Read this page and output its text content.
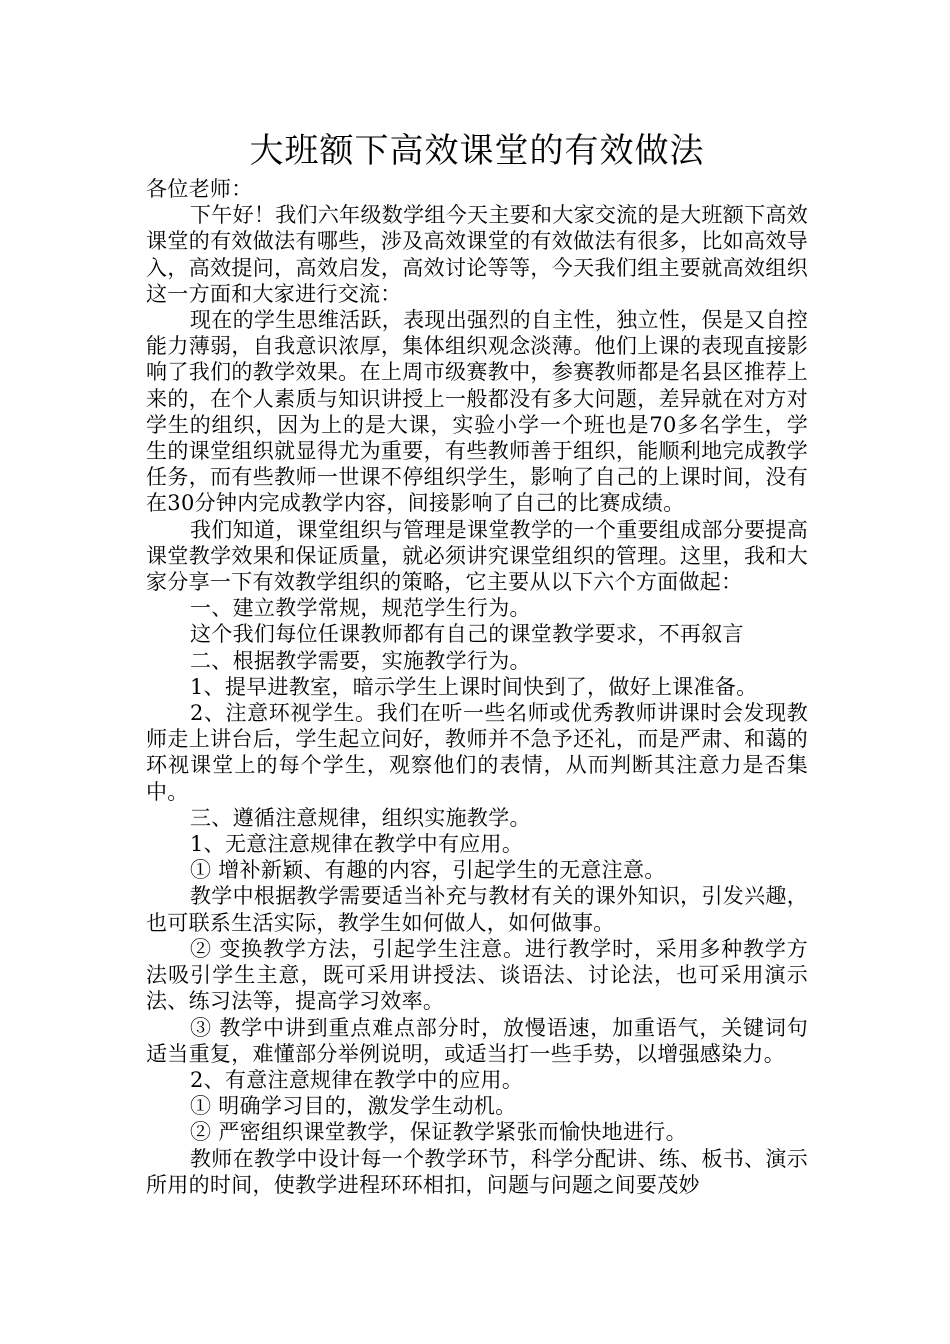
大班额下高效课堂的有效做法

各位老师：

下午好！我们六年级数学组今天主要和大家交流的是大班额下高效课堂的有效做法有哪些，涉及高效课堂的有效做法有很多，比如高效导入，高效提问，高效启发，高效讨论等等，今天我们组主要就高效组织这一方面和大家进行交流：

现在的学生思维活跃，表现出强烈的自主性，独立性，俣是又自控能力薄弱，自我意识浓厚，集体组织观念淡薄。他们上课的表现直接影响了我们的教学效果。在上周市级赛教中，参赛教师都是名县区推荐上来的，在个人素质与知识讲授上一般都没有多大问题，差异就在对方对学生的组织，因为上的是大课，实验小学一个班也是70多名学生，学生的课堂组织就显得尤为重要，有些教师善于组织，能顺利地完成教学任务，而有些教师一世课不停组织学生，影响了自己的上课时间，没有在30分钟内完成教学内容，间接影响了自己的比赛成绩。

我们知道，课堂组织与管理是课堂教学的一个重要组成部分要提高课堂教学效果和保证质量，就必须讲究课堂组织的管理。这里，我和大家分享一下有效教学组织的策略，它主要从以下六个方面做起：

一、建立教学常规，规范学生行为。

这个我们每位任课教师都有自己的课堂教学要求，不再叙言

二、根据教学需要，实施教学行为。

1、提早进教室，暗示学生上课时间快到了，做好上课准备。

2、注意环视学生。我们在听一些名师或优秀教师讲课时会发现教师走上讲台后，学生起立问好，教师并不急予还礼，而是严肃、和蔼的环视课堂上的每个学生，观察他们的表情，从而判断其注意力是否集中。

三、遵循注意规律，组织实施教学。

1、无意注意规律在教学中有应用。

① 增补新颖、有趣的内容，引起学生的无意注意。

教学中根据教学需要适当补充与教材有关的课外知识，引发兴趣，也可联系生活实际，教学生如何做人，如何做事。

② 变换教学方法，引起学生注意。进行教学时，采用多种教学方法吸引学生主意，既可采用讲授法、谈语法、讨论法，也可采用演示法、练习法等，提高学习效率。

③ 教学中讲到重点难点部分时，放慢语速，加重语气，关键词句适当重复，难懂部分举例说明，或适当打一些手势，以增强感染力。

2、有意注意规律在教学中的应用。

① 明确学习目的，激发学生动机。

② 严密组织课堂教学，保证教学紧张而愉快地进行。

教师在教学中设计每一个教学环节，科学分配讲、练、板书、演示所用的时间，使教学进程环环相扣，问题与问题之间要茂妙
